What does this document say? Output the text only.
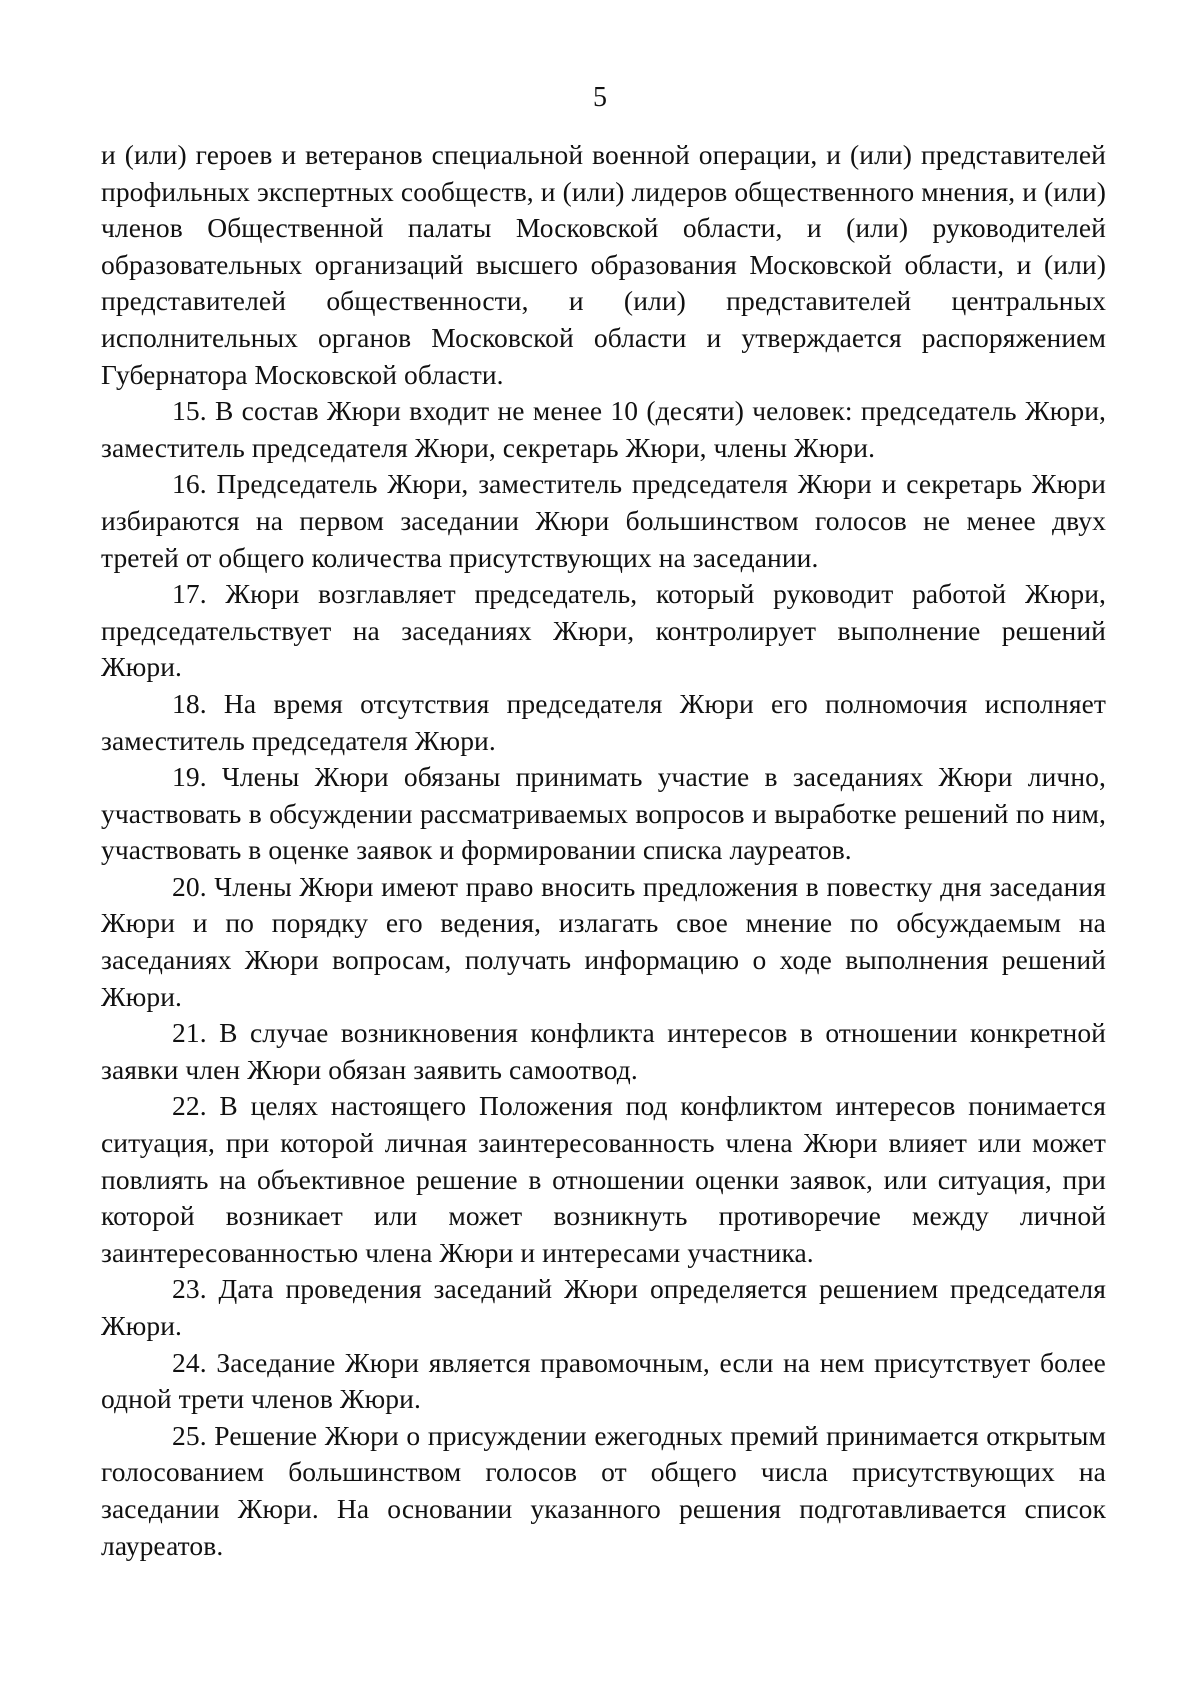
5

и (или) героев и ветеранов специальной военной операции, и (или) представителей профильных экспертных сообществ, и (или) лидеров общественного мнения, и (или) членов Общественной палаты Московской области, и (или) руководителей образовательных организаций высшего образования Московской области, и (или) представителей общественности, и (или) представителей центральных исполнительных органов Московской области и утверждается распоряжением Губернатора Московской области.

15. В состав Жюри входит не менее 10 (десяти) человек: председатель Жюри, заместитель председателя Жюри, секретарь Жюри, члены Жюри.

16. Председатель Жюри, заместитель председателя Жюри и секретарь Жюри избираются на первом заседании Жюри большинством голосов не менее двух третей от общего количества присутствующих на заседании.

17. Жюри возглавляет председатель, который руководит работой Жюри, председательствует на заседаниях Жюри, контролирует выполнение решений Жюри.

18. На время отсутствия председателя Жюри его полномочия исполняет заместитель председателя Жюри.

19. Члены Жюри обязаны принимать участие в заседаниях Жюри лично, участвовать в обсуждении рассматриваемых вопросов и выработке решений по ним, участвовать в оценке заявок и формировании списка лауреатов.

20. Члены Жюри имеют право вносить предложения в повестку дня заседания Жюри и по порядку его ведения, излагать свое мнение по обсуждаемым на заседаниях Жюри вопросам, получать информацию о ходе выполнения решений Жюри.

21. В случае возникновения конфликта интересов в отношении конкретной заявки член Жюри обязан заявить самоотвод.

22. В целях настоящего Положения под конфликтом интересов понимается ситуация, при которой личная заинтересованность члена Жюри влияет или может повлиять на объективное решение в отношении оценки заявок, или ситуация, при которой возникает или может возникнуть противоречие между личной заинтересованностью члена Жюри и интересами участника.

23. Дата проведения заседаний Жюри определяется решением председателя Жюри.

24. Заседание Жюри является правомочным, если на нем присутствует более одной трети членов Жюри.

25. Решение Жюри о присуждении ежегодных премий принимается открытым голосованием большинством голосов от общего числа присутствующих на заседании Жюри. На основании указанного решения подготавливается список лауреатов.
